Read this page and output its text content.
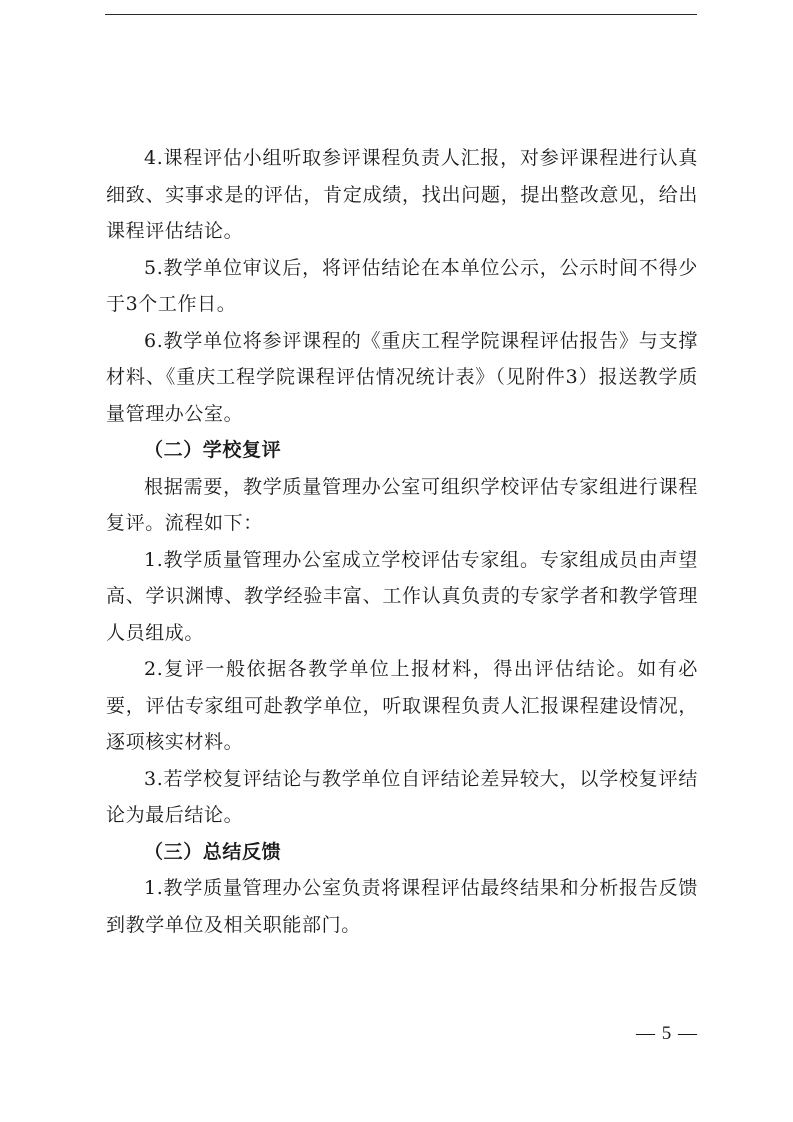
4.课程评估小组听取参评课程负责人汇报，对参评课程进行认真细致、实事求是的评估，肯定成绩，找出问题，提出整改意见，给出课程评估结论。

5.教学单位审议后，将评估结论在本单位公示，公示时间不得少于3个工作日。

6.教学单位将参评课程的《重庆工程学院课程评估报告》与支撑材料、《重庆工程学院课程评估情况统计表》（见附件3）报送教学质量管理办公室。

（二）学校复评

根据需要，教学质量管理办公室可组织学校评估专家组进行课程复评。流程如下：

1.教学质量管理办公室成立学校评估专家组。专家组成员由声望高、学识渊博、教学经验丰富、工作认真负责的专家学者和教学管理人员组成。

2.复评一般依据各教学单位上报材料，得出评估结论。如有必要，评估专家组可赴教学单位，听取课程负责人汇报课程建设情况，逐项核实材料。

3.若学校复评结论与教学单位自评结论差异较大，以学校复评结论为最后结论。

（三）总结反馈

1.教学质量管理办公室负责将课程评估最终结果和分析报告反馈到教学单位及相关职能部门。

— 5 —
